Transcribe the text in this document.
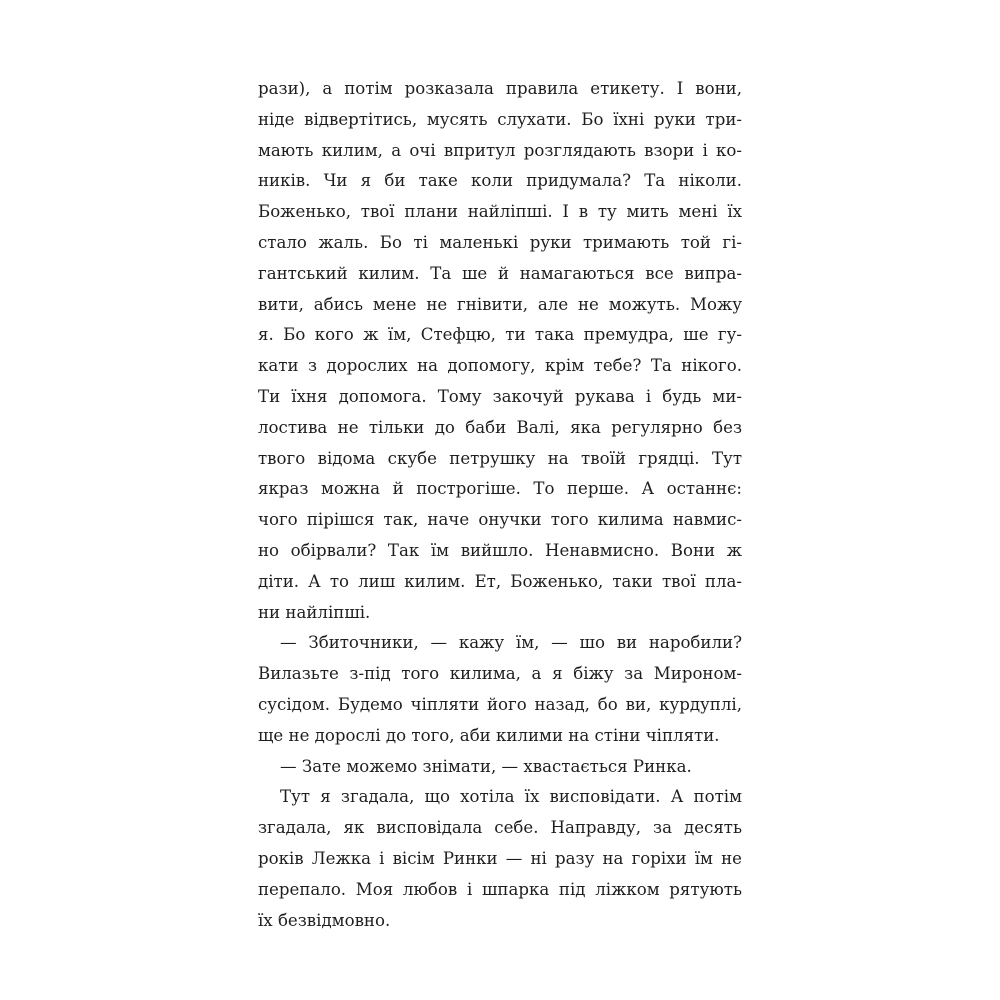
рази), а потім розказала правила етикету. І вони,
ніде відвертітись, мусять слухати. Бо їхні руки три-
мають килим, а очі впритул розглядають взори і ко-
ників. Чи я би таке коли придумала? Та ніколи.
Боженько, твої плани найліпші. І в ту мить мені їх
стало жаль. Бо ті маленькі руки тримають той гі-
гантський килим. Та ше й намагаються все випра-
вити, абись мене не гнівити, але не можуть. Можу
я. Бо кого ж їм, Стефцю, ти така премудра, ше гу-
кати з дорослих на допомогу, крім тебе? Та нікого.
Ти їхня допомога. Тому закочуй рукава і будь ми-
лостива не тільки до баби Валі, яка регулярно без
твого відома скубе петрушку на твоїй грядці. Тут
якраз можна й построгіше. То перше. А останнє:
чого пірішся так, наче онучки того килима навмис-
но обірвали? Так їм вийшло. Ненавмисно. Вони ж
діти. А то лиш килим. Ет, Боженько, таки твої пла-
ни найліпші.
— Збиточники, — кажу їм, — шо ви наробили?
Вилазьте з-під того килима, а я біжу за Мироном-
сусідом. Будемо чіпляти його назад, бо ви, курдуплі,
ще не дорослі до того, аби килими на стіни чіпляти.
— Зате можемо знімати, — хвастається Ринка.
Тут я згадала, що хотіла їх висповідати. А потім
згадала, як висповідала себе. Направду, за десять
років Лежка і вісім Ринки — ні разу на горіхи їм не
перепало. Моя любов і шпарка під ліжком рятують
їх безвідмовно.
